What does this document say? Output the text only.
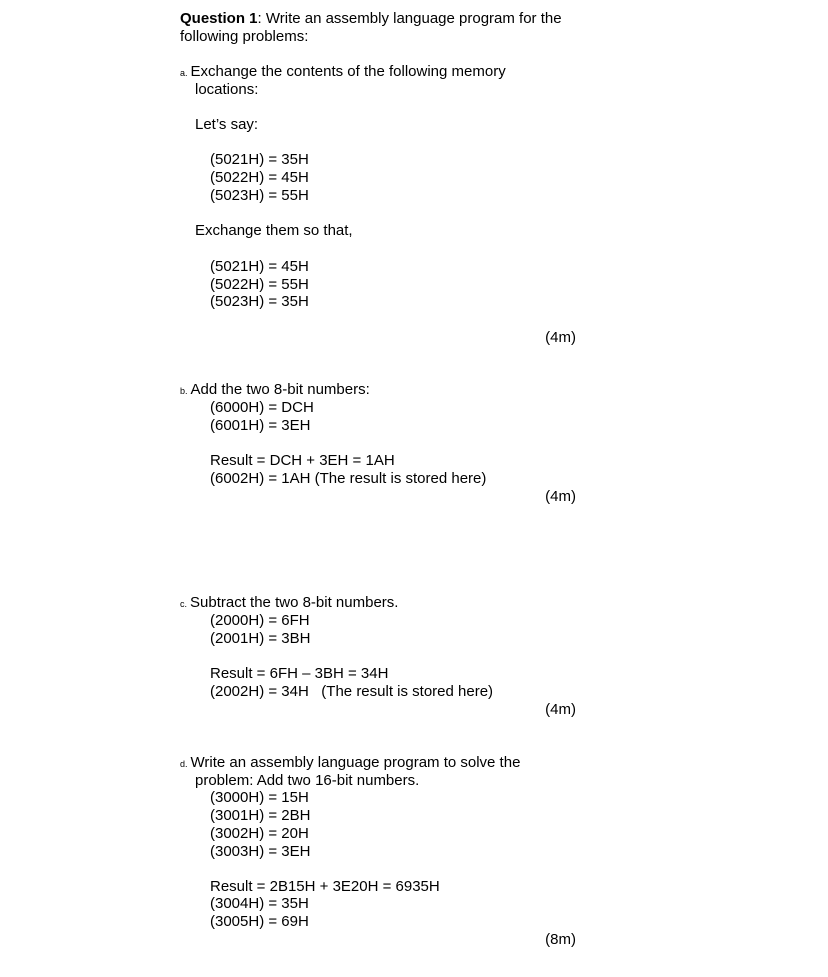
Question 1: Write an assembly language program for the
following problems:
a. Exchange the contents of the following memory
locations:
Let’s say:
(5021H) = 35H
(5022H) = 45H
(5023H) = 55H
Exchange them so that,
(5021H) = 45H
(5022H) = 55H
(5023H) = 35H
(4m)
b. Add the two 8-bit numbers:
(6000H) = DCH
(6001H) = 3EH
Result = DCH + 3EH = 1AH
(6002H) = 1AH (The result is stored here)
(4m)
c. Subtract the two 8-bit numbers.
(2000H) = 6FH
(2001H) = 3BH
Result = 6FH – 3BH = 34H
(2002H) = 34H   (The result is stored here)
(4m)
d. Write an assembly language program to solve the
problem: Add two 16-bit numbers.
(3000H) = 15H
(3001H) = 2BH
(3002H) = 20H
(3003H) = 3EH
Result = 2B15H + 3E20H = 6935H
(3004H) = 35H
(3005H) = 69H
(8m)
